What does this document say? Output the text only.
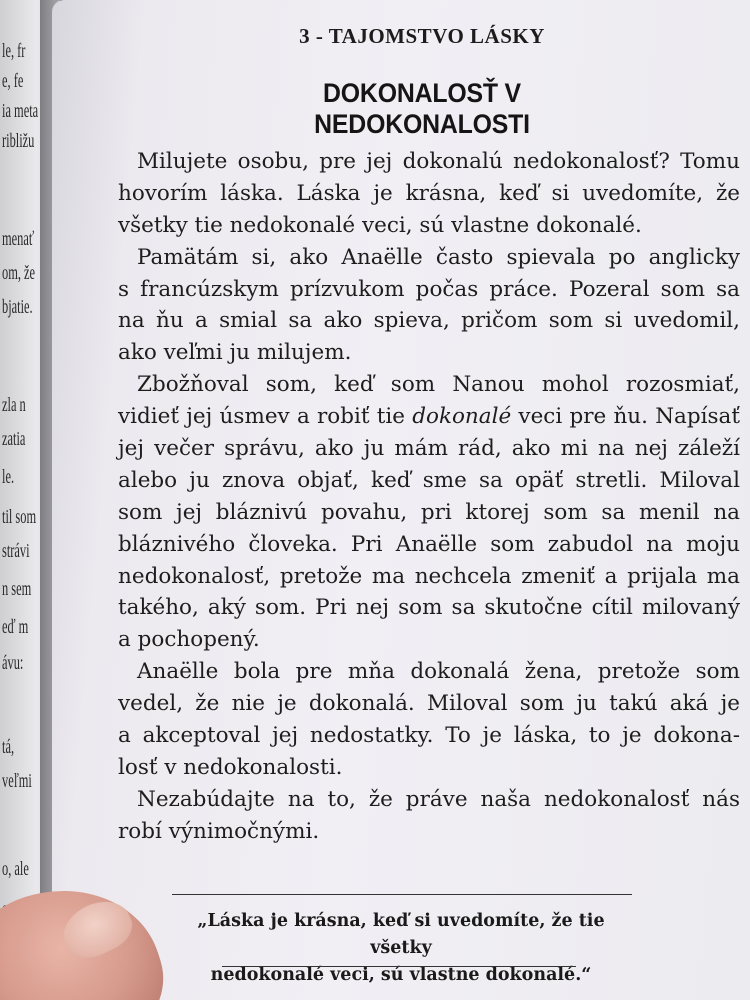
le, fr
e, fe
ia meta
ribližu
menať
om, že
bjatie.
zla n
zatia
le.
til som
strávi
n sem
eď m
ávu:
tá,
veľmi
o, ale
3 - TAJOMSTVO LÁSKY
DOKONALOSŤ V NEDOKONALOSTI
Milujete osobu, pre jej dokonalú nedokonalosť? Tomu
hovorím láska. Láska je krásna, keď si uvedomíte, že
všetky tie nedokonalé veci, sú vlastne dokonalé.
Pamätám si, ako Anaëlle často spievala po anglicky
s francúzskym prízvukom počas práce. Pozeral som sa
na ňu a smial sa ako spieva, pričom som si uvedomil,
ako veľmi ju milujem.
Zbožňoval som, keď som Nanou mohol rozosmiať,
vidieť jej úsmev a robiť tie dokonalé veci pre ňu. Napísať
jej večer správu, ako ju mám rád, ako mi na nej záleží
alebo ju znova objať, keď sme sa opäť stretli. Miloval
som jej bláznivú povahu, pri ktorej som sa menil na
bláznivého človeka. Pri Anaëlle som zabudol na moju
nedokonalosť, pretože ma nechcela zmeniť a prijala ma
takého, aký som. Pri nej som sa skutočne cítil milovaný
a pochopený.
Anaëlle bola pre mňa dokonalá žena, pretože som
vedel, že nie je dokonalá. Miloval som ju takú aká je
a akceptoval jej nedostatky. To je láska, to je dokona-
losť v nedokonalosti.
Nezabúdajte na to, že práve naša nedokonalosť nás
robí výnimočnými.
„Láska je krásna, keď si uvedomíte, že tie všetky
nedokonalé veci, sú vlastne dokonalé.“
